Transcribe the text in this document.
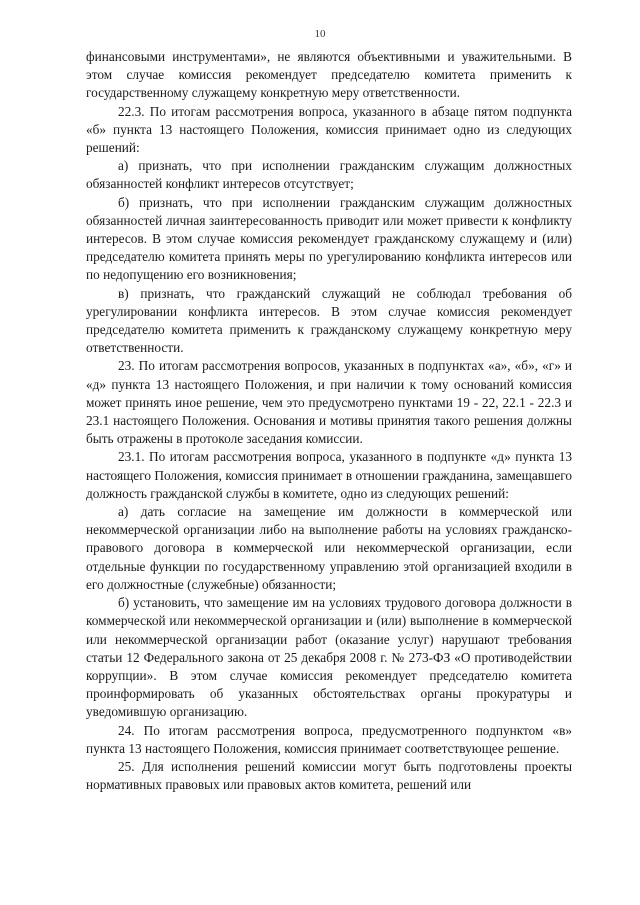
10

финансовыми инструментами», не являются объективными и уважительными. В этом случае комиссия рекомендует председателю комитета применить к государственному служащему конкретную меру ответственности.

22.3. По итогам рассмотрения вопроса, указанного в абзаце пятом подпункта «б» пункта 13 настоящего Положения, комиссия принимает одно из следующих решений:

а) признать, что при исполнении гражданским служащим должностных обязанностей конфликт интересов отсутствует;

б) признать, что при исполнении гражданским служащим должностных обязанностей личная заинтересованность приводит или может привести к конфликту интересов. В этом случае комиссия рекомендует гражданскому служащему и (или) председателю комитета принять меры по урегулированию конфликта интересов или по недопущению его возникновения;

в) признать, что гражданский служащий не соблюдал требования об урегулировании конфликта интересов. В этом случае комиссия рекомендует председателю комитета применить к гражданскому служащему конкретную меру ответственности.

23. По итогам рассмотрения вопросов, указанных в подпунктах «а», «б», «г» и «д» пункта 13 настоящего Положения, и при наличии к тому оснований комиссия может принять иное решение, чем это предусмотрено пунктами 19 - 22, 22.1 - 22.3 и 23.1 настоящего Положения. Основания и мотивы принятия такого решения должны быть отражены в протоколе заседания комиссии.

23.1. По итогам рассмотрения вопроса, указанного в подпункте «д» пункта 13 настоящего Положения, комиссия принимает в отношении гражданина, замещавшего должность гражданской службы в комитете, одно из следующих решений:

а) дать согласие на замещение им должности в коммерческой или некоммерческой организации либо на выполнение работы на условиях гражданско-правового договора в коммерческой или некоммерческой организации, если отдельные функции по государственному управлению этой организацией входили в его должностные (служебные) обязанности;

б) установить, что замещение им на условиях трудового договора должности в коммерческой или некоммерческой организации и (или) выполнение в коммерческой или некоммерческой организации работ (оказание услуг) нарушают требования статьи 12 Федерального закона от 25 декабря 2008 г. № 273-ФЗ «О противодействии коррупции». В этом случае комиссия рекомендует председателю комитета проинформировать об указанных обстоятельствах органы прокуратуры и уведомившую организацию.

24. По итогам рассмотрения вопроса, предусмотренного подпунктом «в» пункта 13 настоящего Положения, комиссия принимает соответствующее решение.

25. Для исполнения решений комиссии могут быть подготовлены проекты нормативных правовых или правовых актов комитета, решений или
